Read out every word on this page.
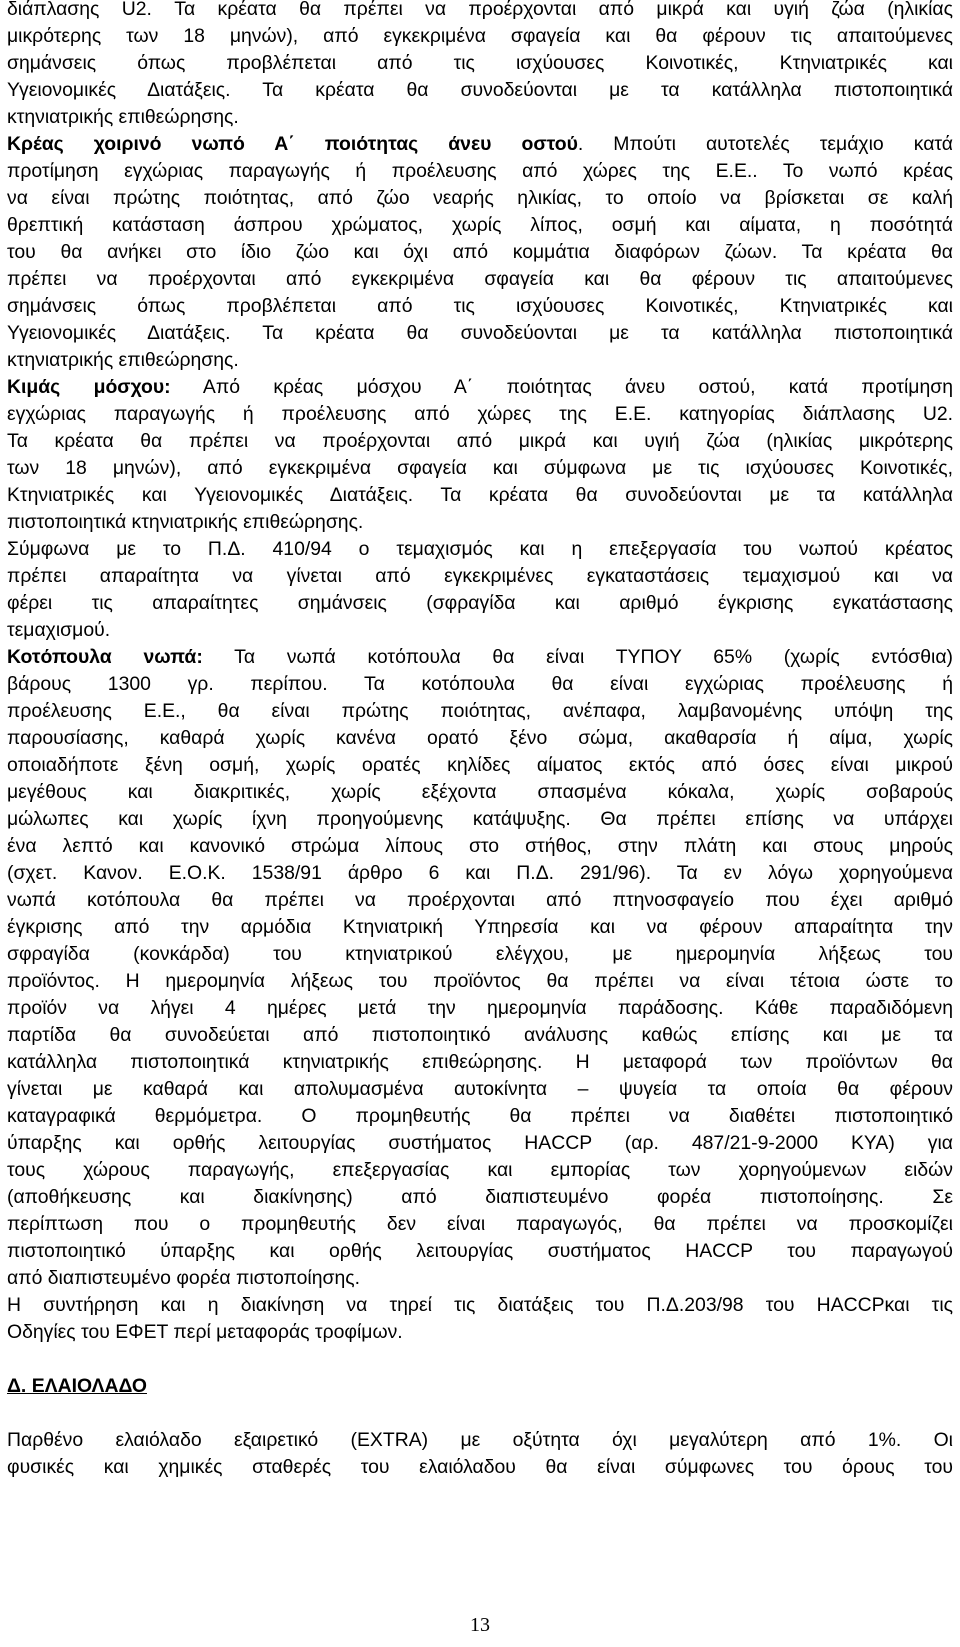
διάπλασης U2. Τα κρέατα θα πρέπει να προέρχονται από μικρά και υγιή ζώα (ηλικίας
μικρότερης των 18 μηνών), από εγκεκριμένα σφαγεία και θα φέρουν τις απαιτούμενες
σημάνσεις όπως προβλέπεται από τις ισχύουσες Κοινοτικές, Κτηνιατρικές και
Υγειονομικές Διατάξεις. Τα κρέατα θα συνοδεύονται με τα κατάλληλα πιστοποιητικά
κτηνιατρικής επιθεώρησης.
Κρέας χοιρινό νωπό Α΄ ποιότητας άνευ οστού. Μπούτι αυτοτελές τεμάχιο κατά
προτίμηση εγχώριας παραγωγής ή προέλευσης από χώρες της Ε.Ε.. Το νωπό κρέας
να είναι πρώτης ποιότητας, από ζώο νεαρής ηλικίας, το οποίο να βρίσκεται σε καλή
θρεπτική κατάσταση άσπρου χρώματος, χωρίς λίπος, οσμή και αίματα, η ποσότητά
του θα ανήκει στο ίδιο ζώο και όχι από κομμάτια διαφόρων ζώων. Τα κρέατα θα
πρέπει να προέρχονται από εγκεκριμένα σφαγεία και θα φέρουν τις απαιτούμενες
σημάνσεις όπως προβλέπεται από τις ισχύουσες Κοινοτικές, Κτηνιατρικές και
Υγειονομικές Διατάξεις. Τα κρέατα θα συνοδεύονται με τα κατάλληλα πιστοποιητικά
κτηνιατρικής επιθεώρησης.
Κιμάς μόσχου: Από κρέας μόσχου Α΄ ποιότητας άνευ οστού, κατά προτίμηση
εγχώριας παραγωγής ή προέλευσης από χώρες της Ε.Ε. κατηγορίας διάπλασης U2.
Τα κρέατα θα πρέπει να προέρχονται από μικρά και υγιή ζώα (ηλικίας μικρότερης
των 18 μηνών), από εγκεκριμένα σφαγεία και σύμφωνα με τις ισχύουσες Κοινοτικές,
Κτηνιατρικές και Υγειονομικές Διατάξεις. Τα κρέατα θα συνοδεύονται με τα κατάλληλα
πιστοποιητικά κτηνιατρικής επιθεώρησης.
Σύμφωνα με το Π.Δ. 410/94 ο τεμαχισμός και η επεξεργασία του νωπού κρέατος
πρέπει απαραίτητα να γίνεται από εγκεκριμένες εγκαταστάσεις τεμαχισμού και να
φέρει τις απαραίτητες σημάνσεις (σφραγίδα και αριθμό έγκρισης εγκατάστασης
τεμαχισμού.
Κοτόπουλα νωπά: Τα νωπά κοτόπουλα θα είναι ΤΥΠΟΥ 65% (χωρίς εντόσθια)
βάρους 1300 γρ. περίπου. Τα κοτόπουλα θα είναι εγχώριας προέλευσης ή
προέλευσης Ε.Ε., θα είναι πρώτης ποιότητας, ανέπαφα, λαμβανομένης υπόψη της
παρουσίασης, καθαρά χωρίς κανένα ορατό ξένο σώμα, ακαθαρσία ή αίμα, χωρίς
οποιαδήποτε ξένη οσμή, χωρίς ορατές κηλίδες αίματος εκτός από όσες είναι μικρού
μεγέθους και διακριτικές, χωρίς εξέχοντα σπασμένα κόκαλα, χωρίς σοβαρούς
μώλωπες και χωρίς ίχνη προηγούμενης κατάψυξης. Θα πρέπει επίσης να υπάρχει
ένα λεπτό και κανονικό στρώμα λίπους στο στήθος, στην πλάτη και στους μηρούς
(σχετ. Κανον. Ε.Ο.Κ. 1538/91 άρθρο 6 και Π.Δ. 291/96). Τα εν λόγω χορηγούμενα
νωπά κοτόπουλα θα πρέπει να προέρχονται από πτηνοσφαγείο που έχει αριθμό
έγκρισης από την αρμόδια Κτηνιατρική Υπηρεσία και να φέρουν απαραίτητα την
σφραγίδα (κονκάρδα) του κτηνιατρικού ελέγχου, με ημερομηνία λήξεως του
προϊόντος. Η ημερομηνία λήξεως του προϊόντος θα πρέπει να είναι τέτοια ώστε το
προϊόν να λήγει 4 ημέρες μετά την ημερομηνία παράδοσης. Κάθε παραδιδόμενη
παρτίδα θα συνοδεύεται από πιστοποιητικό ανάλυσης καθώς επίσης και με τα
κατάλληλα πιστοποιητικά κτηνιατρικής επιθεώρησης. Η μεταφορά των προϊόντων θα
γίνεται με καθαρά και απολυμασμένα αυτοκίνητα – ψυγεία τα οποία θα φέρουν
καταγραφικά θερμόμετρα. Ο προμηθευτής θα πρέπει να διαθέτει πιστοποιητικό
ύπαρξης και ορθής λειτουργίας συστήματος HACCP (αρ. 487/21-9-2000 ΚΥΑ) για
τους χώρους παραγωγής, επεξεργασίας και εμπορίας των χορηγούμενων ειδών
(αποθήκευσης και διακίνησης) από διαπιστευμένο φορέα πιστοποίησης. Σε
περίπτωση που ο προμηθευτής δεν είναι παραγωγός, θα πρέπει να προσκομίζει
πιστοποιητικό ύπαρξης και ορθής λειτουργίας συστήματος HACCP του παραγωγού
από διαπιστευμένο φορέα πιστοποίησης.
Η συντήρηση και η διακίνηση να τηρεί τις διατάξεις του Π.Δ.203/98 του HACCPκαι τις
Οδηγίες του ΕΦΕΤ περί μεταφοράς τροφίμων.
Δ. ΕΛΑΙΟΛΑΔΟ
Παρθένο ελαιόλαδο εξαιρετικό (EXTRA) με οξύτητα όχι μεγαλύτερη από 1%. Οι
φυσικές και χημικές σταθερές του ελαιόλαδου θα είναι σύμφωνες του όρους του
13
